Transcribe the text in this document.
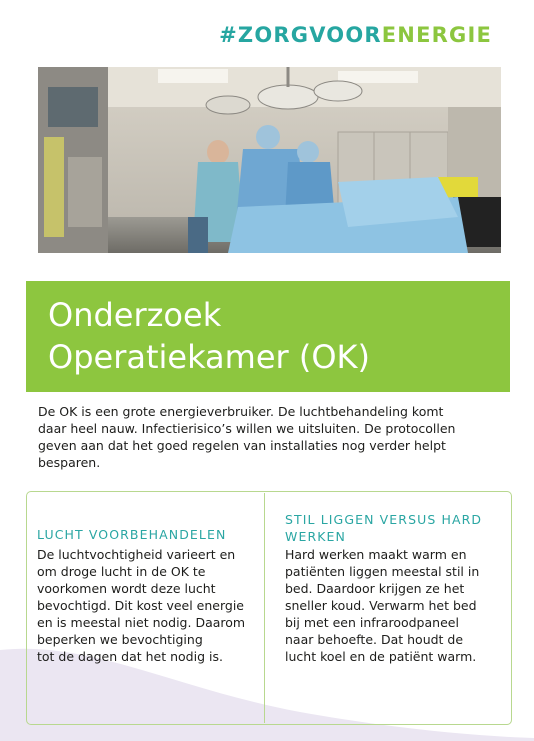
#ZORGVOORENERGIE
Onderzoek
Operatiekamer (OK)
De OK is een grote energieverbruiker. De luchtbehandeling komt
daar heel nauw. Infectierisico’s willen we uitsluiten. De protocollen
geven aan dat het goed regelen van installaties nog verder helpt
besparen.
LUCHT VOORBEHANDELEN
De luchtvochtigheid varieert en
om droge lucht in de OK te
voorkomen wordt deze lucht
bevochtigd. Dit kost veel energie
en is meestal niet nodig. Daarom
beperken we bevochtiging
tot de dagen dat het nodig is.
STIL LIGGEN VERSUS HARD
WERKEN
Hard werken maakt warm en
patiënten liggen meestal stil in
bed. Daardoor krijgen ze het
sneller koud. Verwarm het bed
bij met een infraroodpaneel
naar behoefte. Dat houdt de
lucht koel en de patiënt warm.
